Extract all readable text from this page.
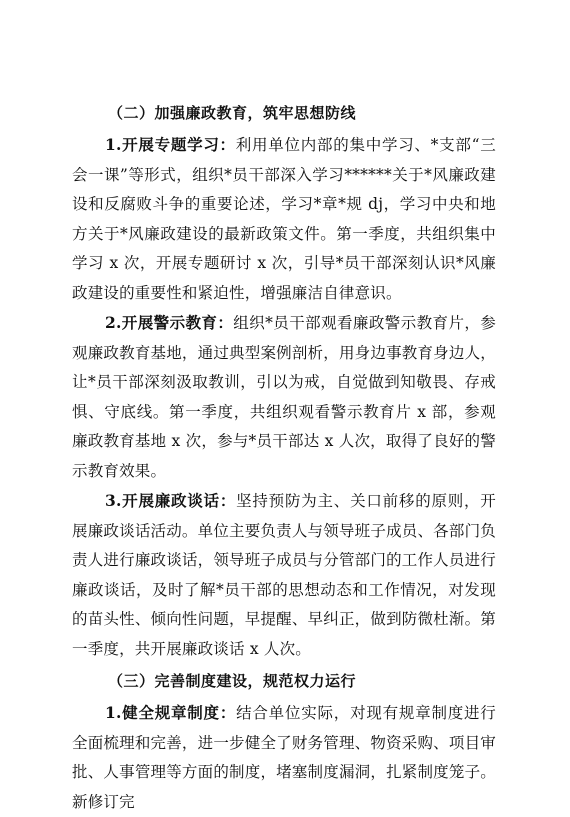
（二）加强廉政教育，筑牢思想防线

1.开展专题学习：利用单位内部的集中学习、*支部“三会一课”等形式，组织*员干部深入学习******关于*风廉政建设和反腐败斗争的重要论述，学习*章*规 dj，学习中央和地方关于*风廉政建设的最新政策文件。第一季度，共组织集中学习 x 次，开展专题研讨 x 次，引导*员干部深刻认识*风廉政建设的重要性和紧迫性，增强廉洁自律意识。

2.开展警示教育：组织*员干部观看廉政警示教育片，参观廉政教育基地，通过典型案例剖析，用身边事教育身边人，让*员干部深刻汲取教训，引以为戒，自觉做到知敬畏、存戒惧、守底线。第一季度，共组织观看警示教育片 x 部，参观廉政教育基地 x 次，参与*员干部达 x 人次，取得了良好的警示教育效果。

3.开展廉政谈话：坚持预防为主、关口前移的原则，开展廉政谈话活动。单位主要负责人与领导班子成员、各部门负责人进行廉政谈话，领导班子成员与分管部门的工作人员进行廉政谈话，及时了解*员干部的思想动态和工作情况，对发现的苗头性、倾向性问题，早提醒、早纠正，做到防微杜渐。第一季度，共开展廉政谈话 x 人次。

（三）完善制度建设，规范权力运行

1.健全规章制度：结合单位实际，对现有规章制度进行全面梳理和完善，进一步健全了财务管理、物资采购、项目审批、人事管理等方面的制度，堵塞制度漏洞，扎紧制度笼子。新修订完
